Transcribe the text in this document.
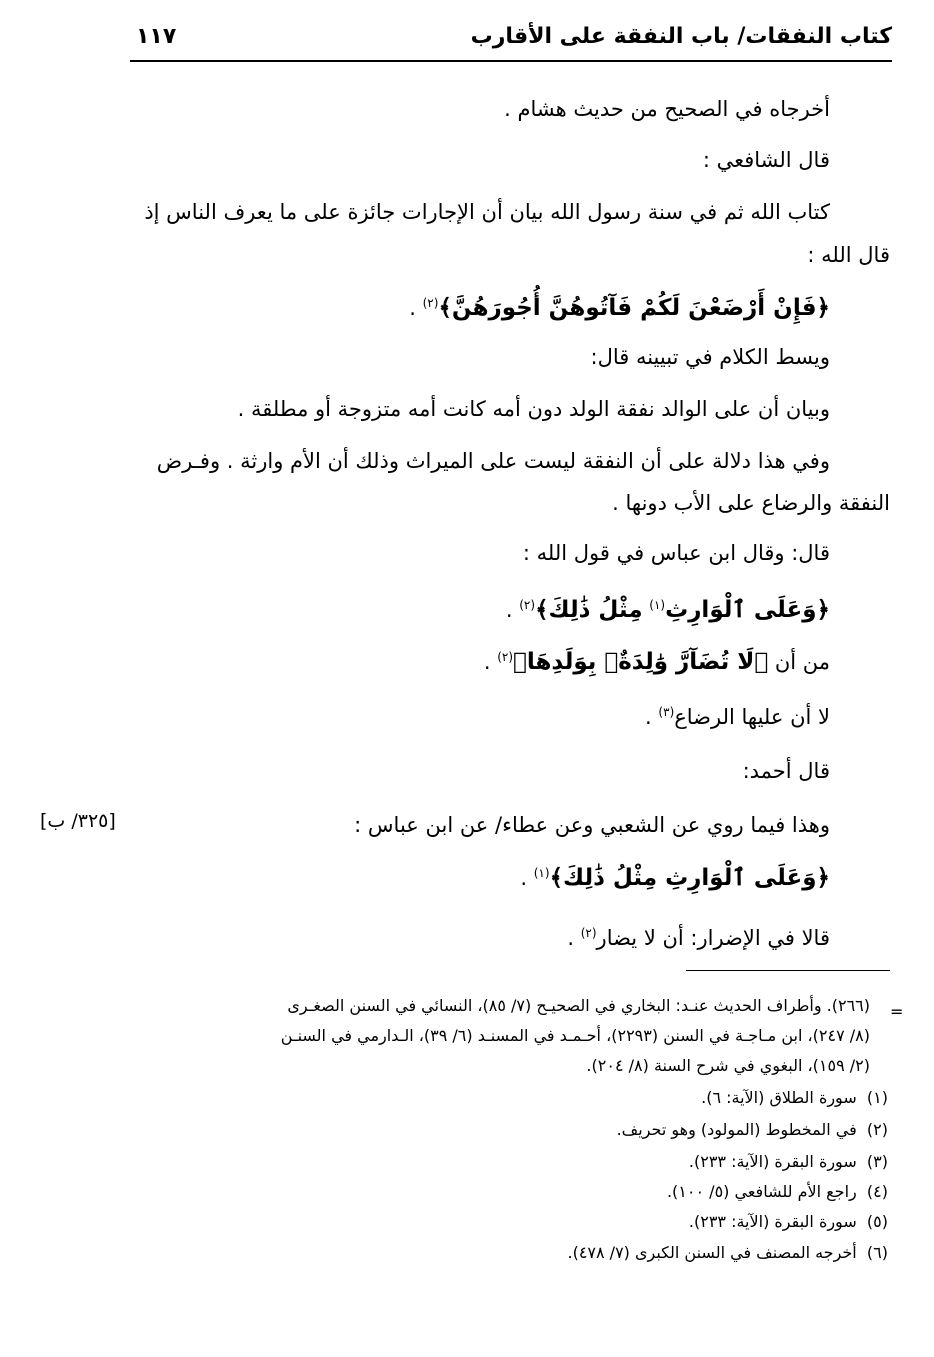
كتاب النفقات/ باب النفقة على الأقارب
١١٧
أخرجاه في الصحيح من حديث هشام .
قال الشافعي :
كتاب الله ثم في سنة رسول الله بيان أن الإجارات جائزة على ما يعرف الناس إذ
قال الله :
﴿فَإِنْ أَرْضَعْنَ لَكُمْ فَآتُوهُنَّ أُجُورَهُنَّ﴾$^{(٢)}$ .
ويسط الكلام في تبيينه قال:
وبيان أن على الوالد نفقة الولد دون أمه كانت أمه متزوجة أو مطلقة .
وفي هذا دلالة على أن النفقة ليست على الميراث وذلك أن الأم وارثة . وفـرض
النفقة والرضاع على الأب دونها .
قال: وقال ابن عباس في قول الله :
﴿وَعَلَى ٱلْوَارِثِ$^{(١)}$ مِثْلُ ذَٰلِكَ﴾$^{(٢)}$ .
من أن ﴿لَا تُضَآرَّ وَٰلِدَةٌۢ بِوَلَدِهَا﴾$^{(٢)}$ .
لا أن عليها الرضاع$^{(٣)}$ .
قال أحمد:
وهذا فيما روي عن الشعبي وعن عطاء/ عن ابن عباس :
[٣٢٥/ ب]
﴿وَعَلَى ٱلْوَارِثِ مِثْلُ ذَٰلِكَ﴾$^{(١)}$ .
قالا في الإضرار: أن لا يضار$^{(٢)}$ .
=
(٢٦٦). وأطراف الحديث عنـد: البخاري في الصحيـح (٧/ ٨٥)، النسائي في السنن الصغـرى
(٨/ ٢٤٧)، ابن مـاجـة في السنن (٢٢٩٣)، أحـمـد في المسنـد (٦/ ٣٩)، الـدارمي في السنـن
(٢/ ١٥٩)، البغوي في شرح السنة (٨/ ٢٠٤).
(١)  سورة الطلاق (الآية: ٦).
(٢)  في المخطوط (المولود) وهو تحريف.
(٣)  سورة البقرة (الآية: ٢٣٣).
(٤)  راجع الأم للشافعي (٥/ ١٠٠).
(٥)  سورة البقرة (الآية: ٢٣٣).
(٦)  أخرجه المصنف في السنن الكبرى (٧/ ٤٧٨).
